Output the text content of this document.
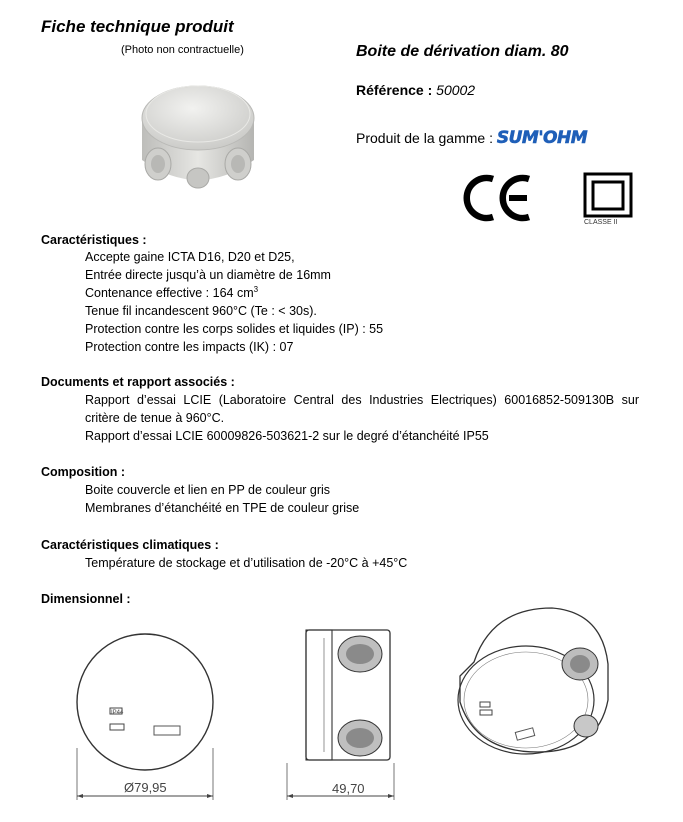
Fiche technique produit
(Photo non contractuelle)	Boite de dérivation diam. 80
Référence : 50002
Produit de la gamme : SUM'OHM
CLASSE II
Caractéristiques :

Accepte gaine ICTA D16, D20 et D25,

Entrée directe jusqu’à un diamètre de 16mm

Contenance effective : 164 $cm^3$

Tenue fil incandescent 960°C (Te : < 30s).

Protection contre les corps solides et liquides (IP) : 55

Protection contre les impacts (IK) : 07

Documents et rapport associés :

Rapport d’essai LCIE (Laboratoire Central des Industries Electriques) 60016852-509130B sur critère de tenue à 960°C.

Rapport d’essai LCIE 60009826-503621-2 sur le degré d’étanchéité IP55

Composition :

Boite couvercle et lien en PP de couleur gris

Membranes d’étanchéité en TPE de couleur grise

Caractéristiques climatiques :

Température de stockage et d’utilisation de -20°C à +45°C

Dimensionnel :
IP44
Ø79,95	49,70
